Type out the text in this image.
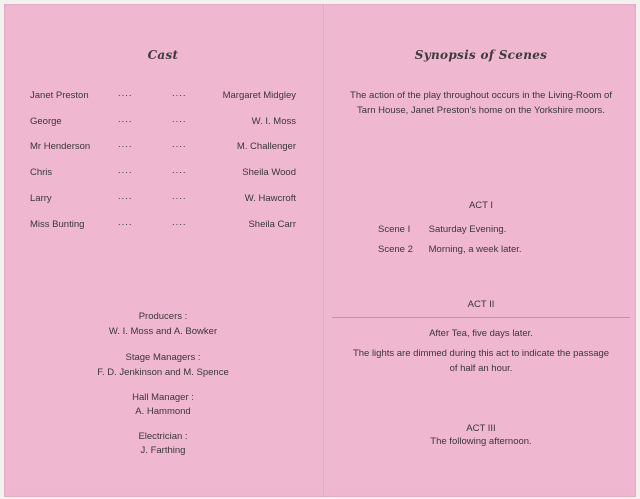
Cast
Janet Preston	....	....	Margaret Midgley
George	....	....	W. I. Moss
Mr Henderson	....	....	M. Challenger
Chris	....	....	Sheila Wood
Larry	....	....	W. Hawcroft
Miss Bunting	....	....	Sheila Carr
Producers :
W. I. Moss and A. Bowker
Stage Managers :
F. D. Jenkinson and M. Spence
Hall Manager :
A. Hammond
Electrician :
J. Farthing
Synopsis of Scenes
The action of the play throughout occurs in the Living-Room of Tarn House, Janet Preston's home on the Yorkshire moors.
ACT I
Scene I Saturday Evening.
Scene 2 Morning, a week later.
ACT II
After Tea, five days later.
The lights are dimmed during this act to indicate the passage of half an hour.
ACT III
The following afternoon.
